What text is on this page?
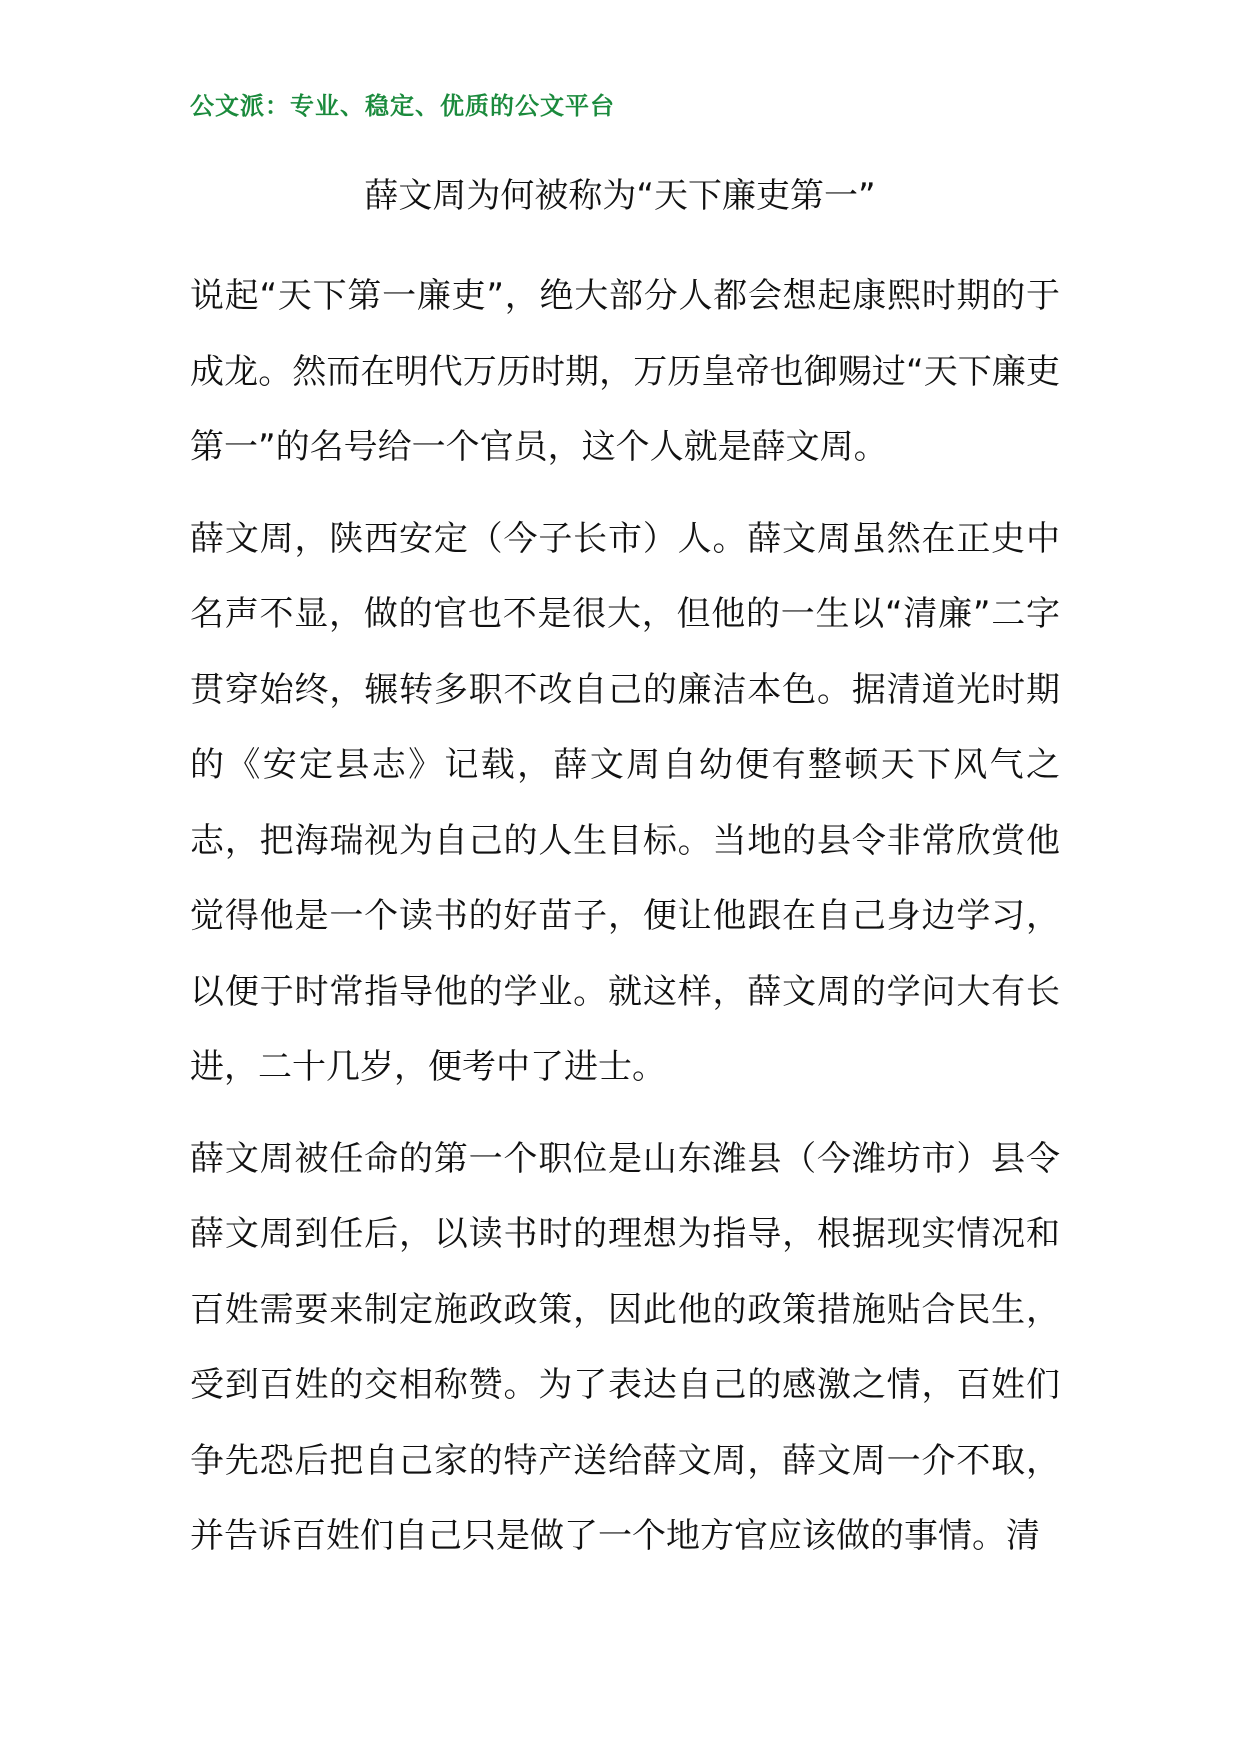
公文派：专业、稳定、优质的公文平台
薛文周为何被称为“天下廉吏第一”

说起“天下第一廉吏”，绝大部分人都会想起康熙时期的于成龙。然而在明代万历时期，万历皇帝也御赐过“天下廉吏第一”的名号给一个官员，这个人就是薛文周。

薛文周，陕西安定（今子长市）人。薛文周虽然在正史中名声不显，做的官也不是很大，但他的一生以“清廉”二字贯穿始终，辗转多职不改自己的廉洁本色。据清道光时期的《安定县志》记载，薛文周自幼便有整顿天下风气之志，把海瑞视为自己的人生目标。当地的县令非常欣赏他觉得他是一个读书的好苗子，便让他跟在自己身边学习，以便于时常指导他的学业。就这样，薛文周的学问大有长进，二十几岁，便考中了进士。

薛文周被任命的第一个职位是山东潍县（今潍坊市）县令薛文周到任后，以读书时的理想为指导，根据现实情况和百姓需要来制定施政政策，因此他的政策措施贴合民生，受到百姓的交相称赞。为了表达自己的感激之情，百姓们争先恐后把自己家的特产送给薛文周，薛文周一介不取，并告诉百姓们自己只是做了一个地方官应该做的事情。清
